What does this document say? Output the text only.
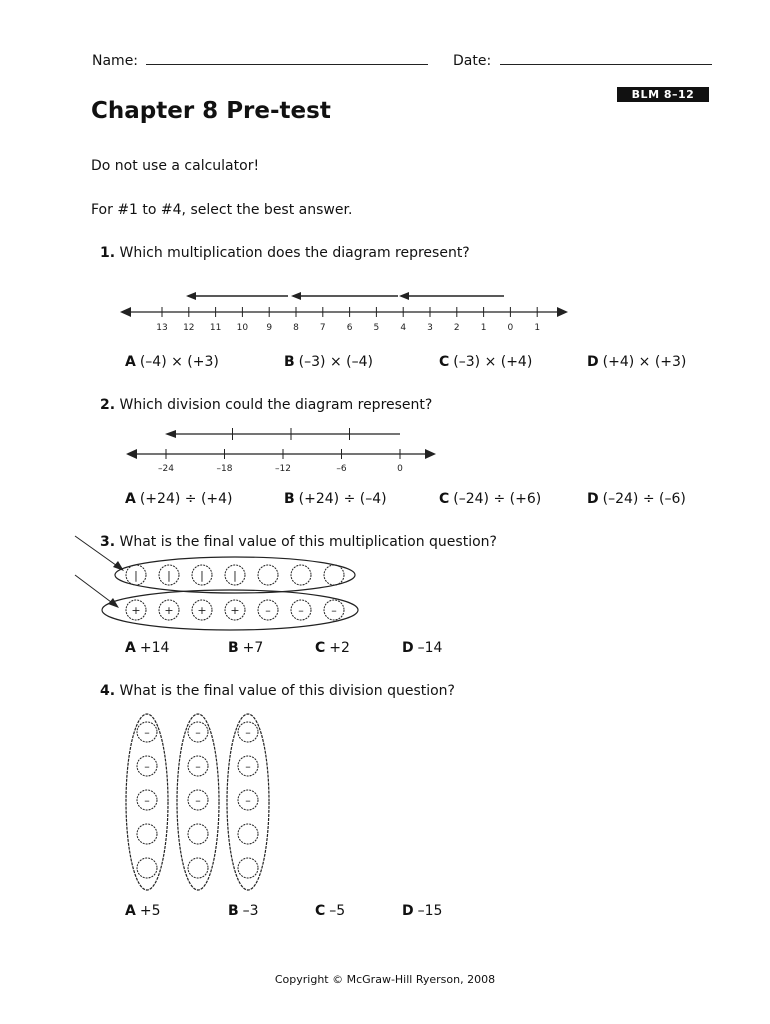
Name:	Date:
BLM 8–12
Chapter 8 Pre-test
Do not use a calculator!
For #1 to #4, select the best answer.
1. Which multiplication does the diagram represent?
13 12 11 10 9 8 7 6 5 4 3 2 1 0 1
A (–4) × (+3)	B (–3) × (–4)	C (–3) × (+4)	D (+4) × (+3)
2. Which division could the diagram represent?
–24	–18	–12	–6	0
A (+24) ÷ (+4)	B (+24) ÷ (–4)	C (–24) ÷ (+6)	D (–24) ÷ (–6)
3. What is the final value of this multiplication question?
|	|	|	|
+ + + + –	–	–
A +14	B +7	C +2	D –14
4. What is the final value of this division question?
–
–
–
–
–
–
–
–
–
A +5	B –3	C –5	D –15
Copyright © McGraw-Hill Ryerson, 2008
